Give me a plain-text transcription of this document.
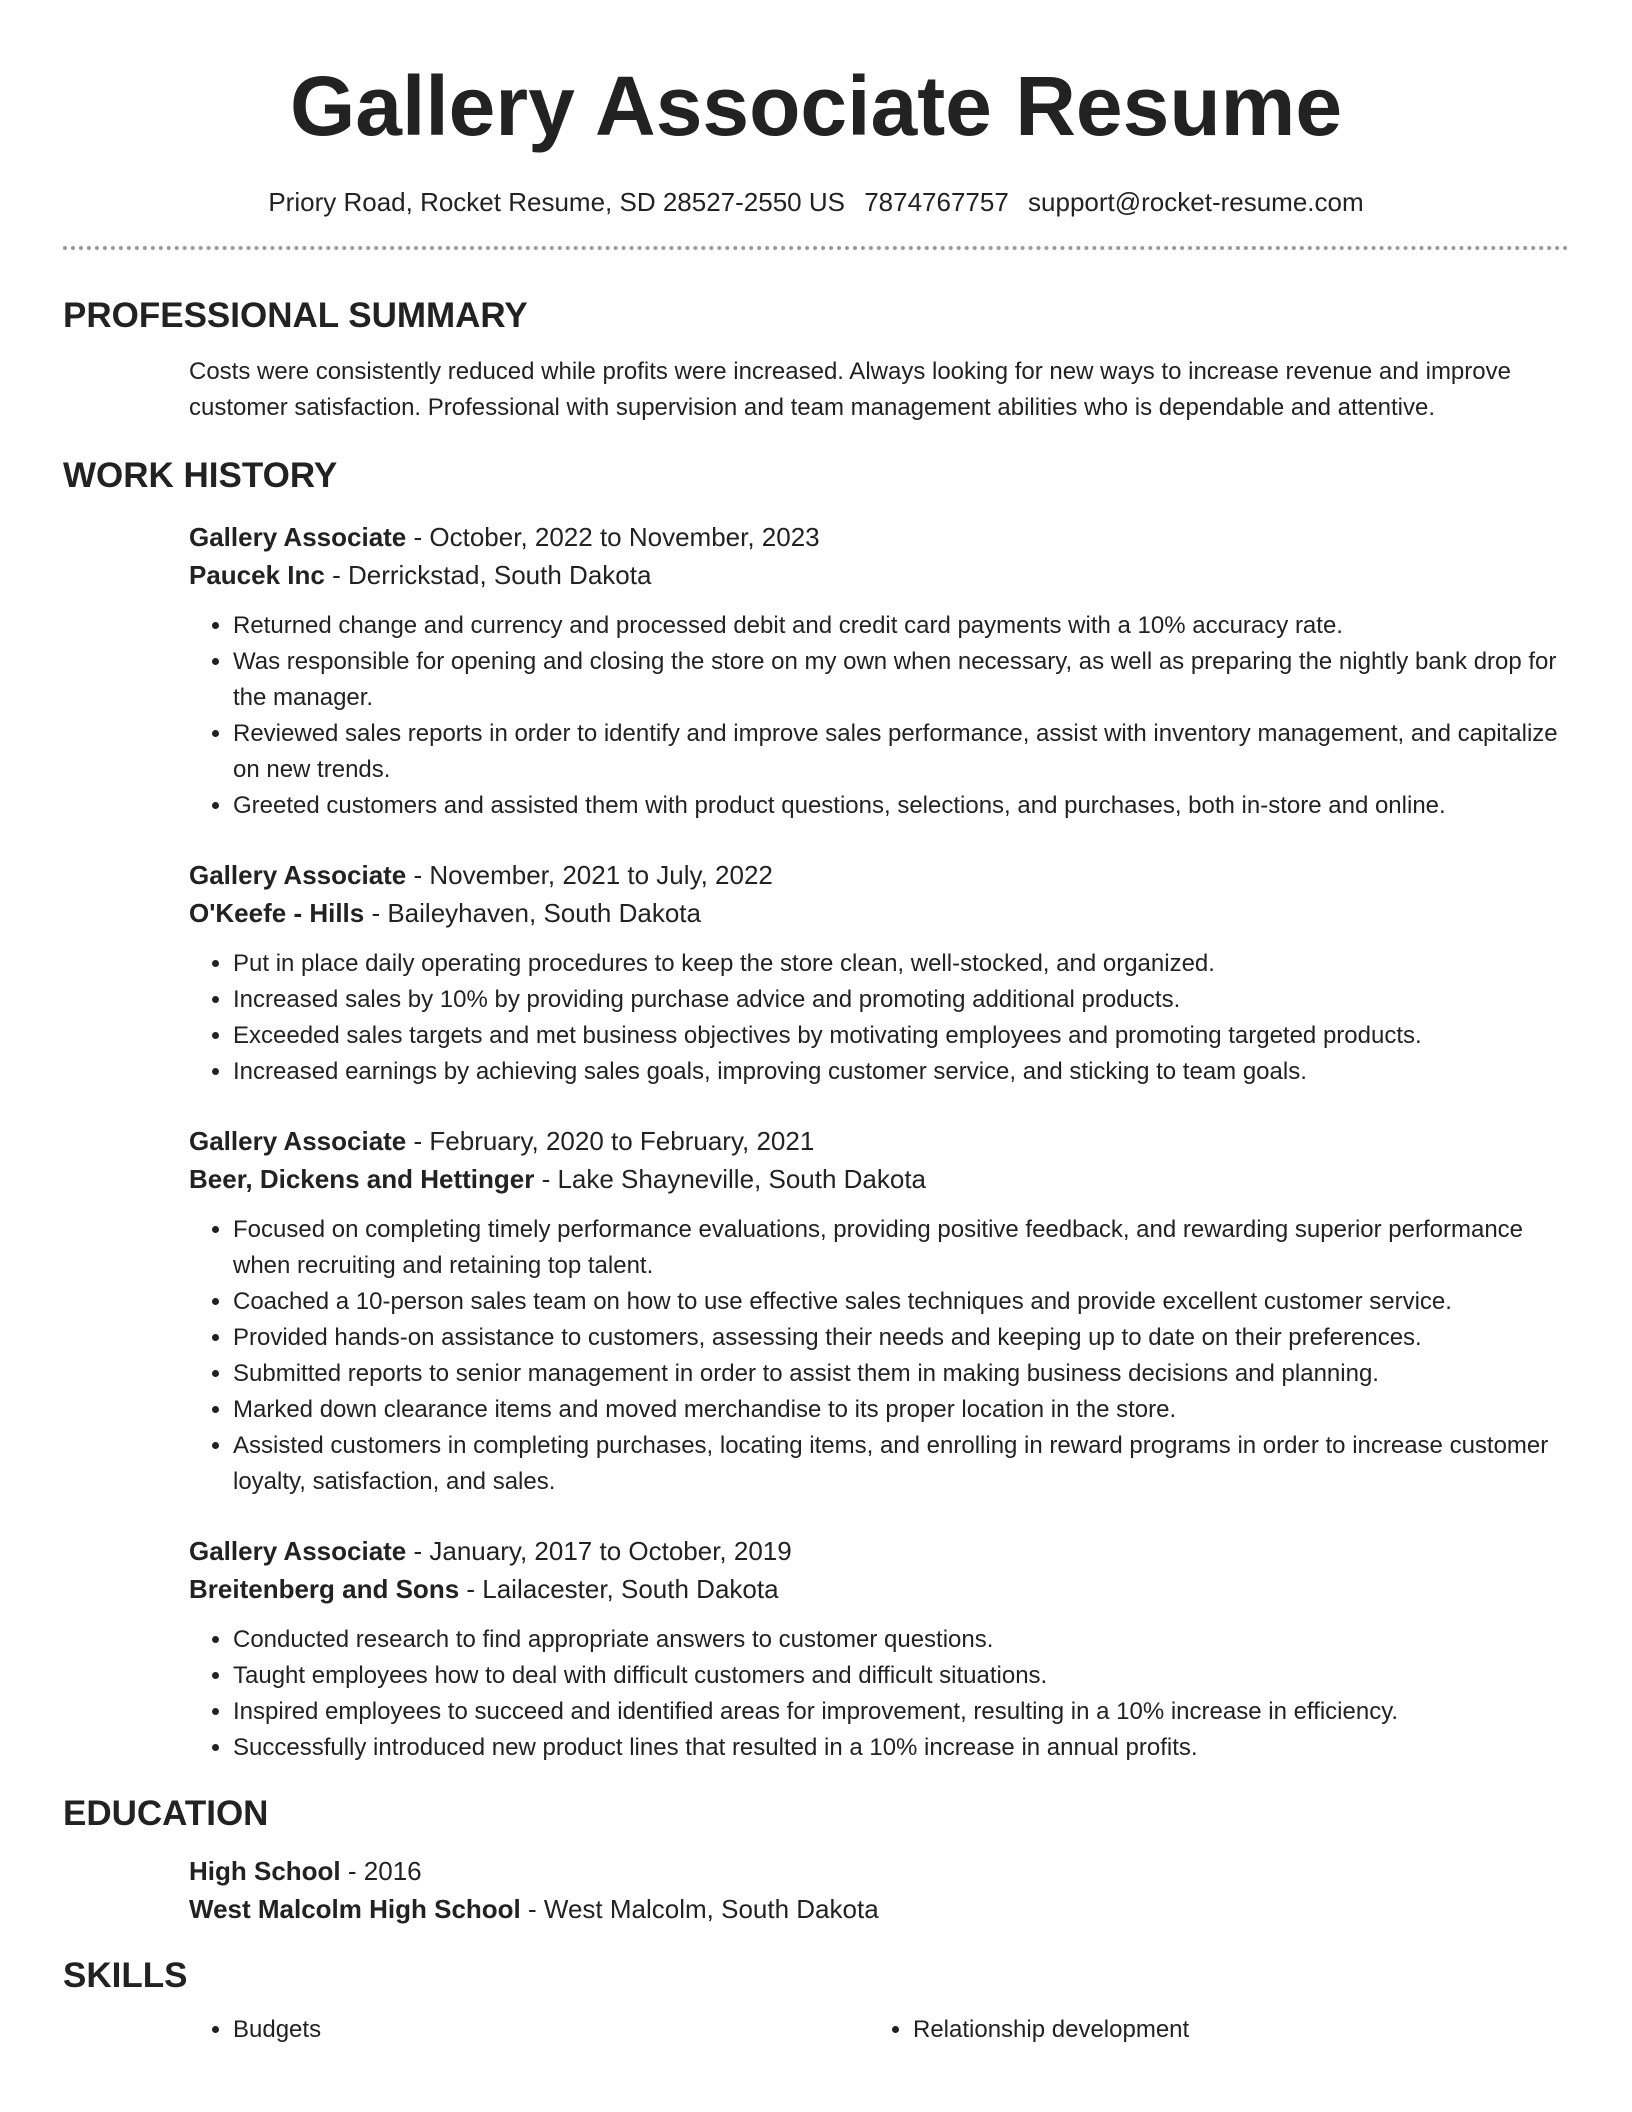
Gallery Associate Resume
Priory Road, Rocket Resume, SD 28527-2550 US 7874767757 support@rocket-resume.com
PROFESSIONAL SUMMARY
Costs were consistently reduced while profits were increased. Always looking for new ways to increase revenue and improve customer satisfaction. Professional with supervision and team management abilities who is dependable and attentive.
WORK HISTORY
Gallery Associate - October, 2022 to November, 2023
Paucek Inc - Derrickstad, South Dakota
• Returned change and currency and processed debit and credit card payments with a 10% accuracy rate.
• Was responsible for opening and closing the store on my own when necessary, as well as preparing the nightly bank drop for the manager.
• Reviewed sales reports in order to identify and improve sales performance, assist with inventory management, and capitalize on new trends.
• Greeted customers and assisted them with product questions, selections, and purchases, both in-store and online.
Gallery Associate - November, 2021 to July, 2022
O'Keefe - Hills - Baileyhaven, South Dakota
• Put in place daily operating procedures to keep the store clean, well-stocked, and organized.
• Increased sales by 10% by providing purchase advice and promoting additional products.
• Exceeded sales targets and met business objectives by motivating employees and promoting targeted products.
• Increased earnings by achieving sales goals, improving customer service, and sticking to team goals.
Gallery Associate - February, 2020 to February, 2021
Beer, Dickens and Hettinger - Lake Shayneville, South Dakota
• Focused on completing timely performance evaluations, providing positive feedback, and rewarding superior performance when recruiting and retaining top talent.
• Coached a 10-person sales team on how to use effective sales techniques and provide excellent customer service.
• Provided hands-on assistance to customers, assessing their needs and keeping up to date on their preferences.
• Submitted reports to senior management in order to assist them in making business decisions and planning.
• Marked down clearance items and moved merchandise to its proper location in the store.
• Assisted customers in completing purchases, locating items, and enrolling in reward programs in order to increase customer loyalty, satisfaction, and sales.
Gallery Associate - January, 2017 to October, 2019
Breitenberg and Sons - Lailacester, South Dakota
• Conducted research to find appropriate answers to customer questions.
• Taught employees how to deal with difficult customers and difficult situations.
• Inspired employees to succeed and identified areas for improvement, resulting in a 10% increase in efficiency.
• Successfully introduced new product lines that resulted in a 10% increase in annual profits.
EDUCATION
High School - 2016
West Malcolm High School - West Malcolm, South Dakota
SKILLS
• Budgets
•	Relationship development
